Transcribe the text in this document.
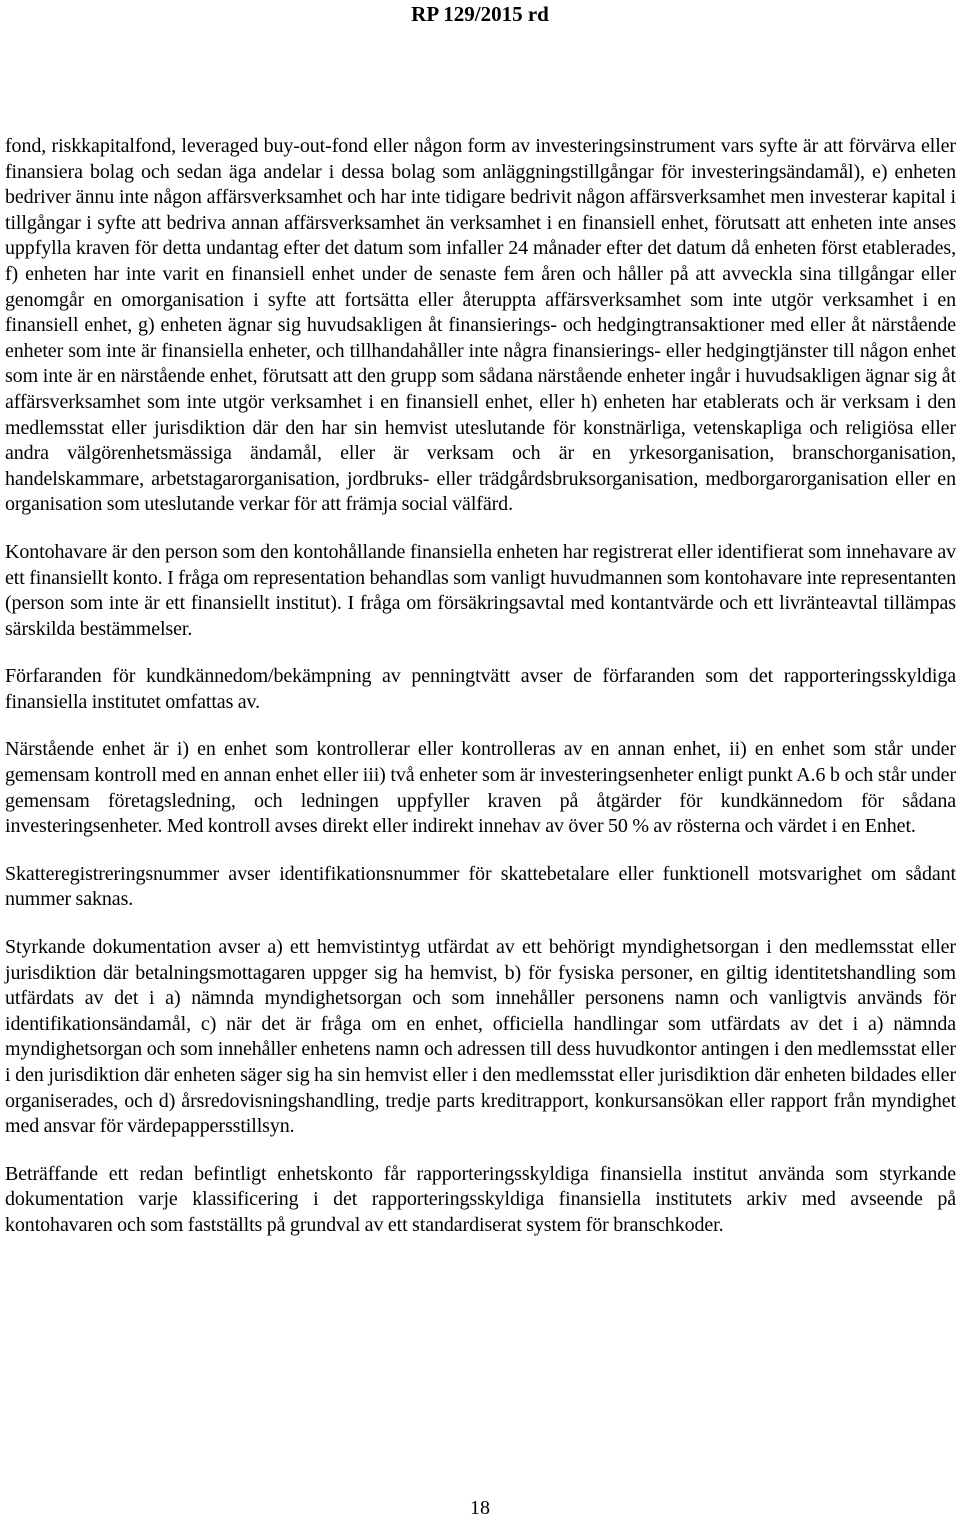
RP 129/2015 rd

fond, riskkapitalfond, leveraged buy-out-fond eller någon form av investeringsinstrument vars syfte är att förvärva eller finansiera bolag och sedan äga andelar i dessa bolag som anläggningstillgångar för investeringsändamål), e) enheten bedriver ännu inte någon affärsverksamhet och har inte tidigare bedrivit någon affärsverksamhet men investerar kapital i tillgångar i syfte att bedriva annan affärsverksamhet än verksamhet i en finansiell enhet, förutsatt att enheten inte anses uppfylla kraven för detta undantag efter det datum som infaller 24 månader efter det datum då enheten först etablerades, f) enheten har inte varit en finansiell enhet under de senaste fem åren och håller på att avveckla sina tillgångar eller genomgår en omorganisation i syfte att fortsätta eller återuppta affärsverksamhet som inte utgör verksamhet i en finansiell enhet, g) enheten ägnar sig huvudsakligen åt finansierings- och hedgingtransaktioner med eller åt närstående enheter som inte är finansiella enheter, och tillhandahåller inte några finansierings- eller hedgingtjänster till någon enhet som inte är en närstående enhet, förutsatt att den grupp som sådana närstående enheter ingår i huvudsakligen ägnar sig åt affärsverksamhet som inte utgör verksamhet i en finansiell enhet, eller h) enheten har etablerats och är verksam i den medlemsstat eller jurisdiktion där den har sin hemvist uteslutande för konstnärliga, vetenskapliga och religiösa eller andra välgörenhetsmässiga ändamål, eller är verksam och är en yrkesorganisation, branschorganisation, handelskammare, arbetstagarorganisation, jordbruks- eller trädgårdsbruksorganisation, medborgarorganisation eller en organisation som uteslutande verkar för att främja social välfärd.

Kontohavare är den person som den kontohållande finansiella enheten har registrerat eller identifierat som innehavare av ett finansiellt konto. I fråga om representation behandlas som vanligt huvudmannen som kontohavare inte representanten (person som inte är ett finansiellt institut). I fråga om försäkringsavtal med kontantvärde och ett livränteavtal tillämpas särskilda bestämmelser.

Förfaranden för kundkännedom/bekämpning av penningtvätt avser de förfaranden som det rapporteringsskyldiga finansiella institutet omfattas av.

Närstående enhet är i) en enhet som kontrollerar eller kontrolleras av en annan enhet, ii) en enhet som står under gemensam kontroll med en annan enhet eller iii) två enheter som är investeringsenheter enligt punkt A.6 b och står under gemensam företagsledning, och ledningen uppfyller kraven på åtgärder för kundkännedom för sådana investeringsenheter. Med kontroll avses direkt eller indirekt innehav av över 50 % av rösterna och värdet i en Enhet.

Skatteregistreringsnummer avser identifikationsnummer för skattebetalare eller funktionell motsvarighet om sådant nummer saknas.

Styrkande dokumentation avser a) ett hemvistintyg utfärdat av ett behörigt myndighetsorgan i den medlemsstat eller jurisdiktion där betalningsmottagaren uppger sig ha hemvist, b) för fysiska personer, en giltig identitetshandling som utfärdats av det i a) nämnda myndighetsorgan och som innehåller personens namn och vanligtvis används för identifikationsändamål, c) när det är fråga om en enhet, officiella handlingar som utfärdats av det i a) nämnda myndighetsorgan och som innehåller enhetens namn och adressen till dess huvudkontor antingen i den medlemsstat eller i den jurisdiktion där enheten säger sig ha sin hemvist eller i den medlemsstat eller jurisdiktion där enheten bildades eller organiserades, och d) årsredovisningshandling, tredje parts kreditrapport, konkursansökan eller rapport från myndighet med ansvar för värdepappersstillsyn.

Beträffande ett redan befintligt enhetskonto får rapporteringsskyldiga finansiella institut använda som styrkande dokumentation varje klassificering i det rapporteringsskyldiga finansiella institutets arkiv med avseende på kontohavaren och som fastställts på grundval av ett standardiserat system för branschkoder.

18
